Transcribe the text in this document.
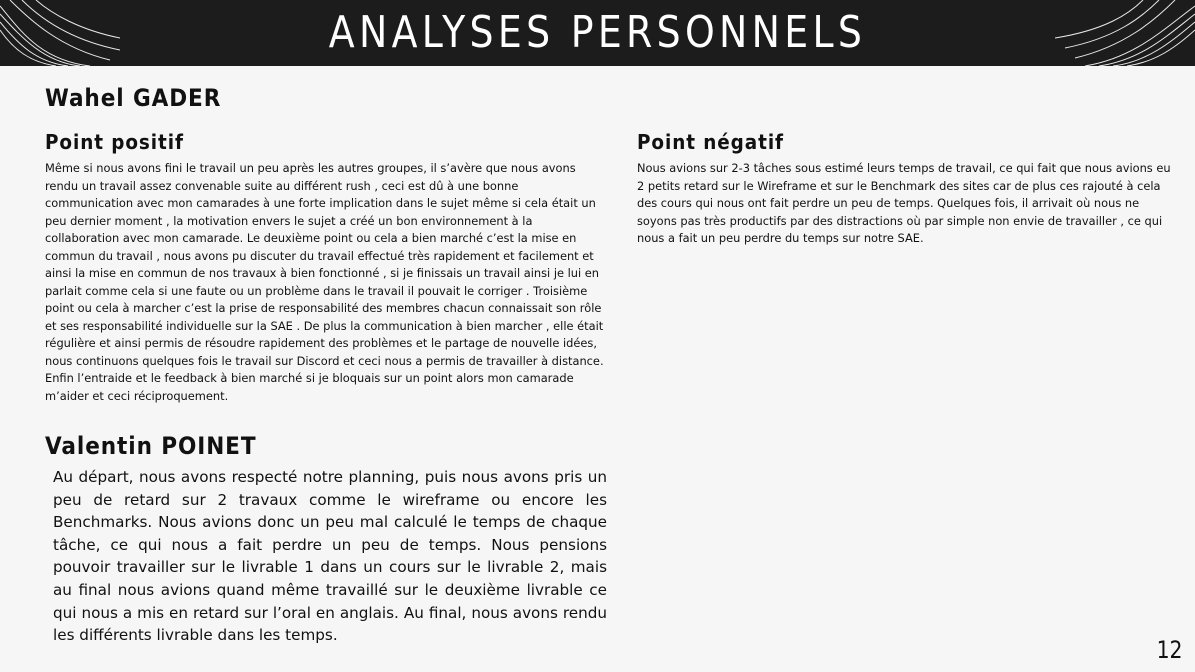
ANALYSES PERSONNELS
Wahel GADER
Point positif

Même si nous avons fini le travail un peu après les autres groupes, il s’avère que nous avons rendu un travail assez convenable suite au différent rush , ceci est dû à une bonne communication avec mon camarades à une forte implication dans le sujet même si cela était un peu dernier moment , la motivation envers le sujet a créé un bon environnement à la collaboration avec mon camarade. Le deuxième point ou cela a bien marché c’est la mise en commun du travail , nous avons pu discuter du travail effectué très rapidement et facilement et ainsi la mise en commun de nos travaux à bien fonctionné , si je finissais un travail ainsi je lui en parlait comme cela si une faute ou un problème dans le travail il pouvait le corriger . Troisième point ou cela à marcher c’est la prise de responsabilité des membres chacun connaissait son rôle et ses responsabilité individuelle sur la SAE . De plus la communication à bien marcher , elle était régulière et ainsi permis de résoudre rapidement des problèmes et le partage de nouvelle idées, nous continuons quelques fois le travail sur Discord et ceci nous a permis de travailler à distance. Enfin l’entraide et le feedback à bien marché si je bloquais sur un point alors mon camarade m’aider et ceci réciproquement.

Point négatif

Nous avions sur 2-3 tâches sous estimé leurs temps de travail, ce qui fait que nous avions eu 2 petits retard sur le Wireframe et sur le Benchmark des sites car de plus ces rajouté à cela des cours qui nous ont fait perdre un peu de temps. Quelques fois, il arrivait où nous ne soyons pas très productifs par des distractions où par simple non envie de travailler , ce qui nous a fait un peu perdre du temps sur notre SAE.

Valentin POINET

Au départ, nous avons respecté notre planning, puis nous avons pris un peu de retard sur 2 travaux comme le wireframe ou encore les Benchmarks. Nous avions donc un peu mal calculé le temps de chaque tâche, ce qui nous a fait perdre un peu de temps. Nous pensions pouvoir travailler sur le livrable 1 dans un cours sur le livrable 2, mais au final nous avions quand même travaillé sur le deuxième livrable ce qui nous a mis en retard sur l’oral en anglais. Au final, nous avons rendu les différents livrable dans les temps.

12
